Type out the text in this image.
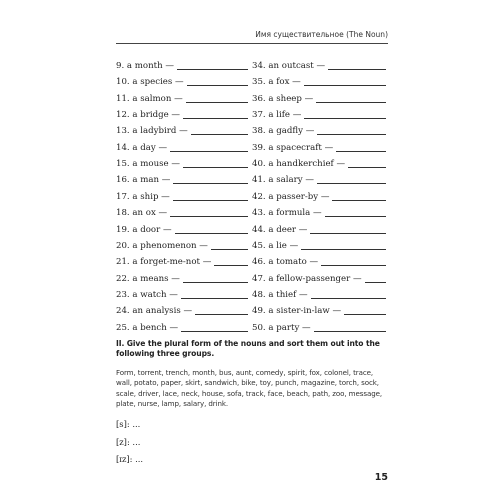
Имя существительное (The Noun)
9. a month —	34. an outcast —
10. a species —	35. a fox —
11. a salmon —	36. a sheep —
12. a bridge —	37. a life —
13. a ladybird —	38. a gadfly —
14. a day —	39. a spacecraft —
15. a mouse —	40. a handkerchief —
16. a man —	41. a salary —
17. a ship —	42. a passer-by —
18. an ox —	43. a formula —
19. a door —	44. a deer —
20. a phenomenon —	45. a lie —
21. a forget-me-not —	46. a tomato —
22. a means —	47. a fellow-passenger —
23. a watch —	48. a thief —
24. an analysis —	49. a sister-in-law —
25. a bench —	50. a party —
II. Give the plural form of the nouns and sort them out into the following three groups.
Form, torrent, trench, month, bus, aunt, comedy, spirit, fox, colonel, trace, wall, potato, paper, skirt, sandwich, bike, toy, punch, magazine, torch, sock, scale, driver, lace, neck, house, sofa, track, face, beach, path, zoo, message, plate, nurse, lamp, salary, drink.
[s]: ...
[z]: ...
[ɪz]: ...
15
